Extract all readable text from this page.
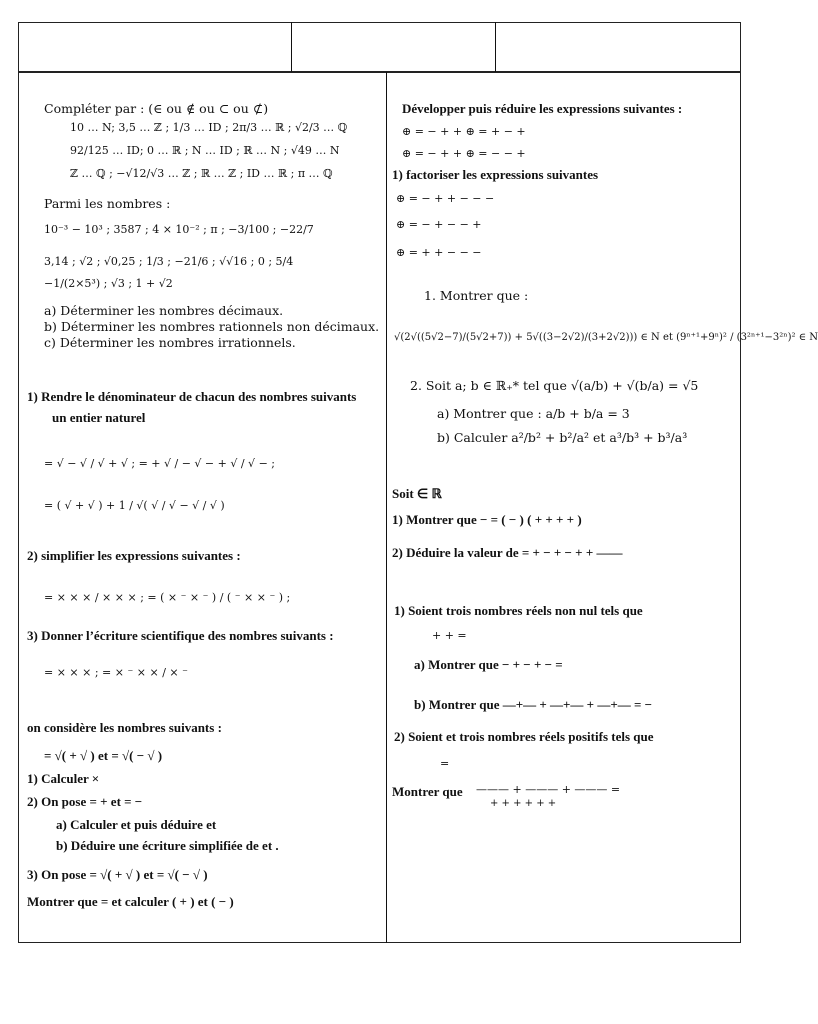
Compléter par : (∈ ou ∉ ou ⊂ ou ⊄)
10 … N; 3,5 … ℤ ; 1/3 … ID ; 2π/3 … ℝ ; √2/3 … ℚ
92/125 … ID; 0 … ℝ ; N … ID ; ℝ … N ; √49 … N
ℤ … ℚ ; −√12/√3 … ℤ ; ℝ … ℤ ; ID … ℝ ; π … ℚ
Parmi les nombres :
10⁻³ − 10³ ; 3587 ; 4 × 10⁻² ; π ; −3/100 ; −22/7
3,14 ; √2 ; √0,25 ; 1/3 ; −21/6 ; √√16 ; 0 ; 5/4
−1/(2×5³) ; √3 ; 1 + √2
a) Déterminer les nombres décimaux.
b) Déterminer les nombres rationnels non décimaux.
c) Déterminer les nombres irrationnels.
1) Rendre le dénominateur de chacun des nombres suivants
un entier naturel
= √ − √ / √ + √ ; = + √ / − √ − + √ / √ − ;
= ( √ + √ ) + 1 / √( √ / √ − √ / √ )
2) simplifier les expressions suivantes :
= × × × / × × × ; = ( × ⁻ × ⁻ ) / ( ⁻ × × ⁻ ) ;
3) Donner l’écriture scientifique des nombres suivants :
= × × × ; = × ⁻ × × / × ⁻
on considère les nombres suivants :
= √( + √ ) et = √( − √ )
1) Calculer ×
2) On pose = + et = −
a) Calculer et puis déduire et
b) Déduire une écriture simplifiée de et .
3) On pose = √( + √ ) et = √( − √ )
Montrer que = et calculer ( + ) et ( − )
Développer puis réduire les expressions suivantes :
⊕ = − + + ⊕ = + − +
⊕ = − + + ⊕ = − − +
1) factoriser les expressions suivantes
⊕ = − + + − − −
⊕ = − + − − +
⊕ = + + − − −
1. Montrer que :
√(2√((5√2−7)/(5√2+7)) + 5√((3−2√2)/(3+2√2))) ∈ N et (9ⁿ⁺¹+9ⁿ)² / (3²ⁿ⁺¹−3²ⁿ)² ∈ N
2. Soit a; b ∈ ℝ₊* tel que √(a/b) + √(b/a) = √5
a) Montrer que : a/b + b/a = 3
b) Calculer a²/b² + b²/a² et a³/b³ + b³/a³
Soit ∈ ℝ
1) Montrer que − = ( − ) ( + + + + )
2) Déduire la valeur de = + − + − + + ——
1) Soient trois nombres réels non nul tels que
+ + =
a) Montrer que − + − + − =
b) Montrer que —+— + —+— + —+— = −
2) Soient et trois nombres réels positifs tels que
=
Montrer que ——— + ——— + ——— =
+ + + + + +
